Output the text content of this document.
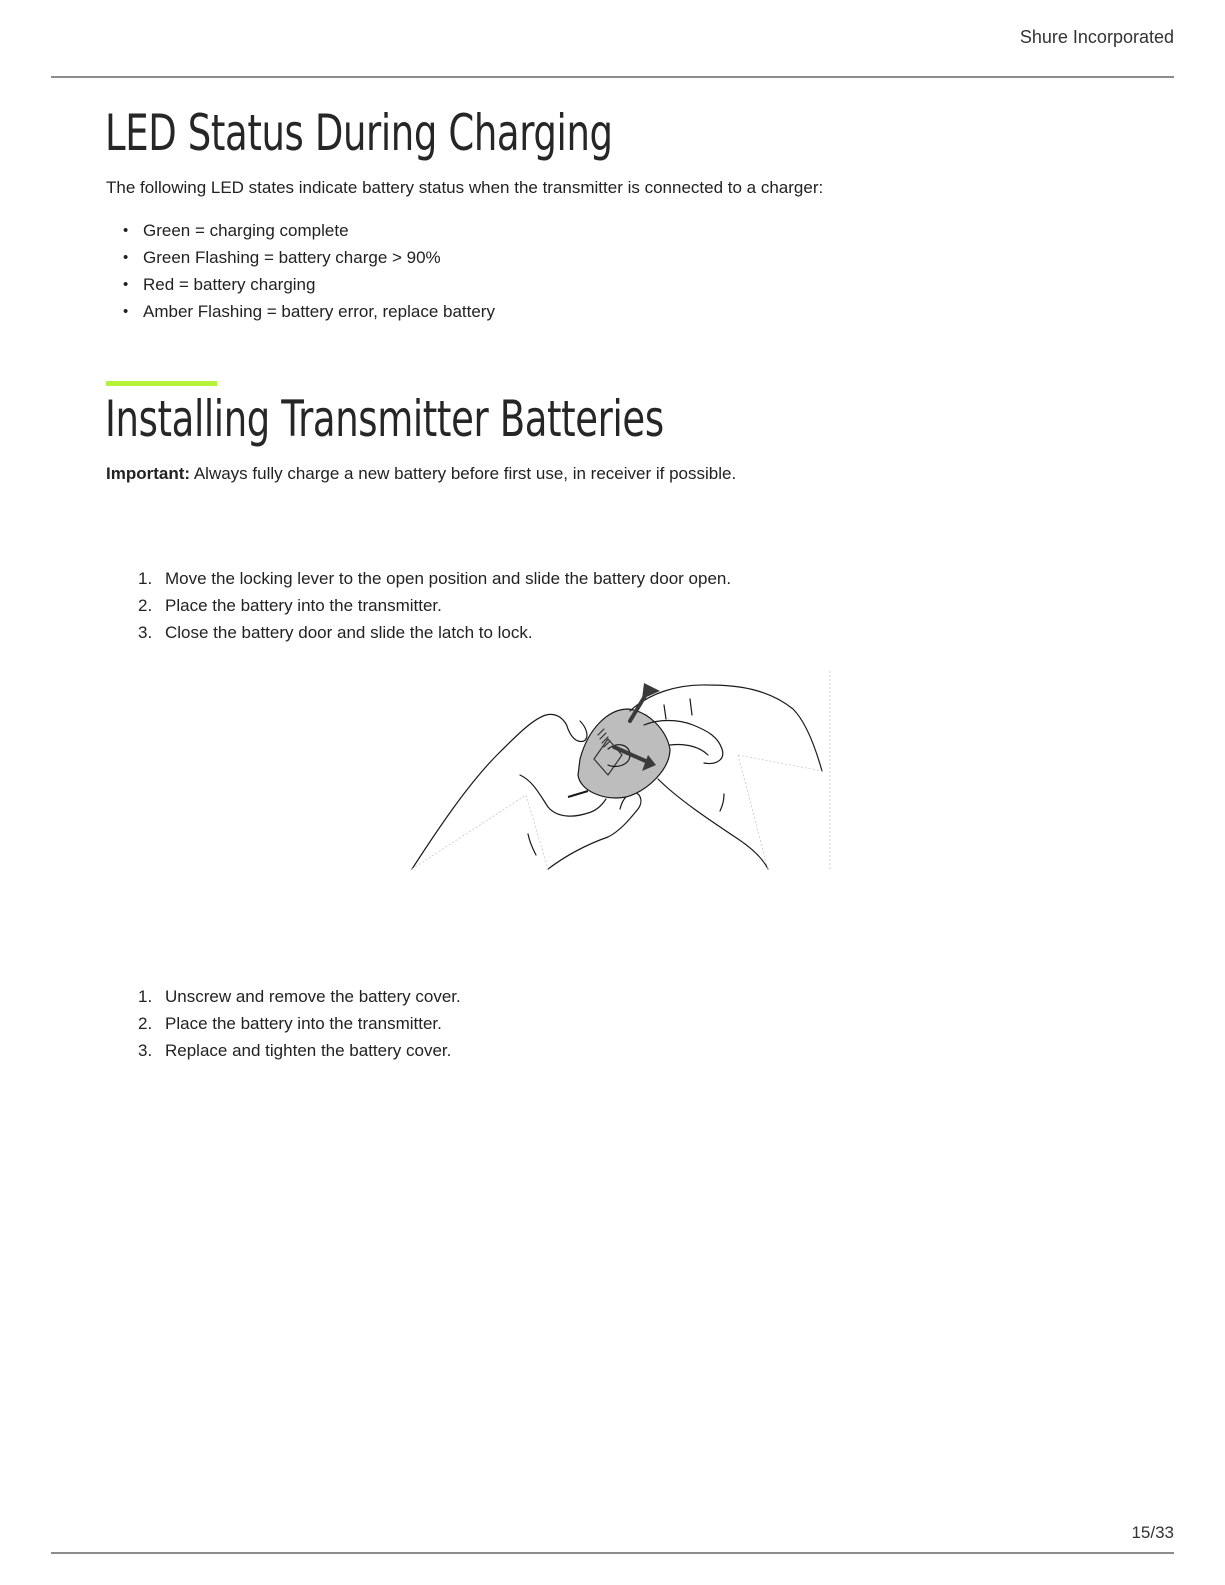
Shure Incorporated
LED Status During Charging

The following LED states indicate battery status when the transmitter is connected to a charger:

• Green = charging complete
• Green Flashing = battery charge > 90%
• Red = battery charging
• Amber Flashing = battery error, replace battery
Installing Transmitter Batteries

Important: Always fully charge a new battery before first use, in receiver if possible.

1. Move the locking lever to the open position and slide the battery door open.
2. Place the battery into the transmitter.
3. Close the battery door and slide the latch to lock.
1. Unscrew and remove the battery cover.
2. Place the battery into the transmitter.
3. Replace and tighten the battery cover.
15/33
